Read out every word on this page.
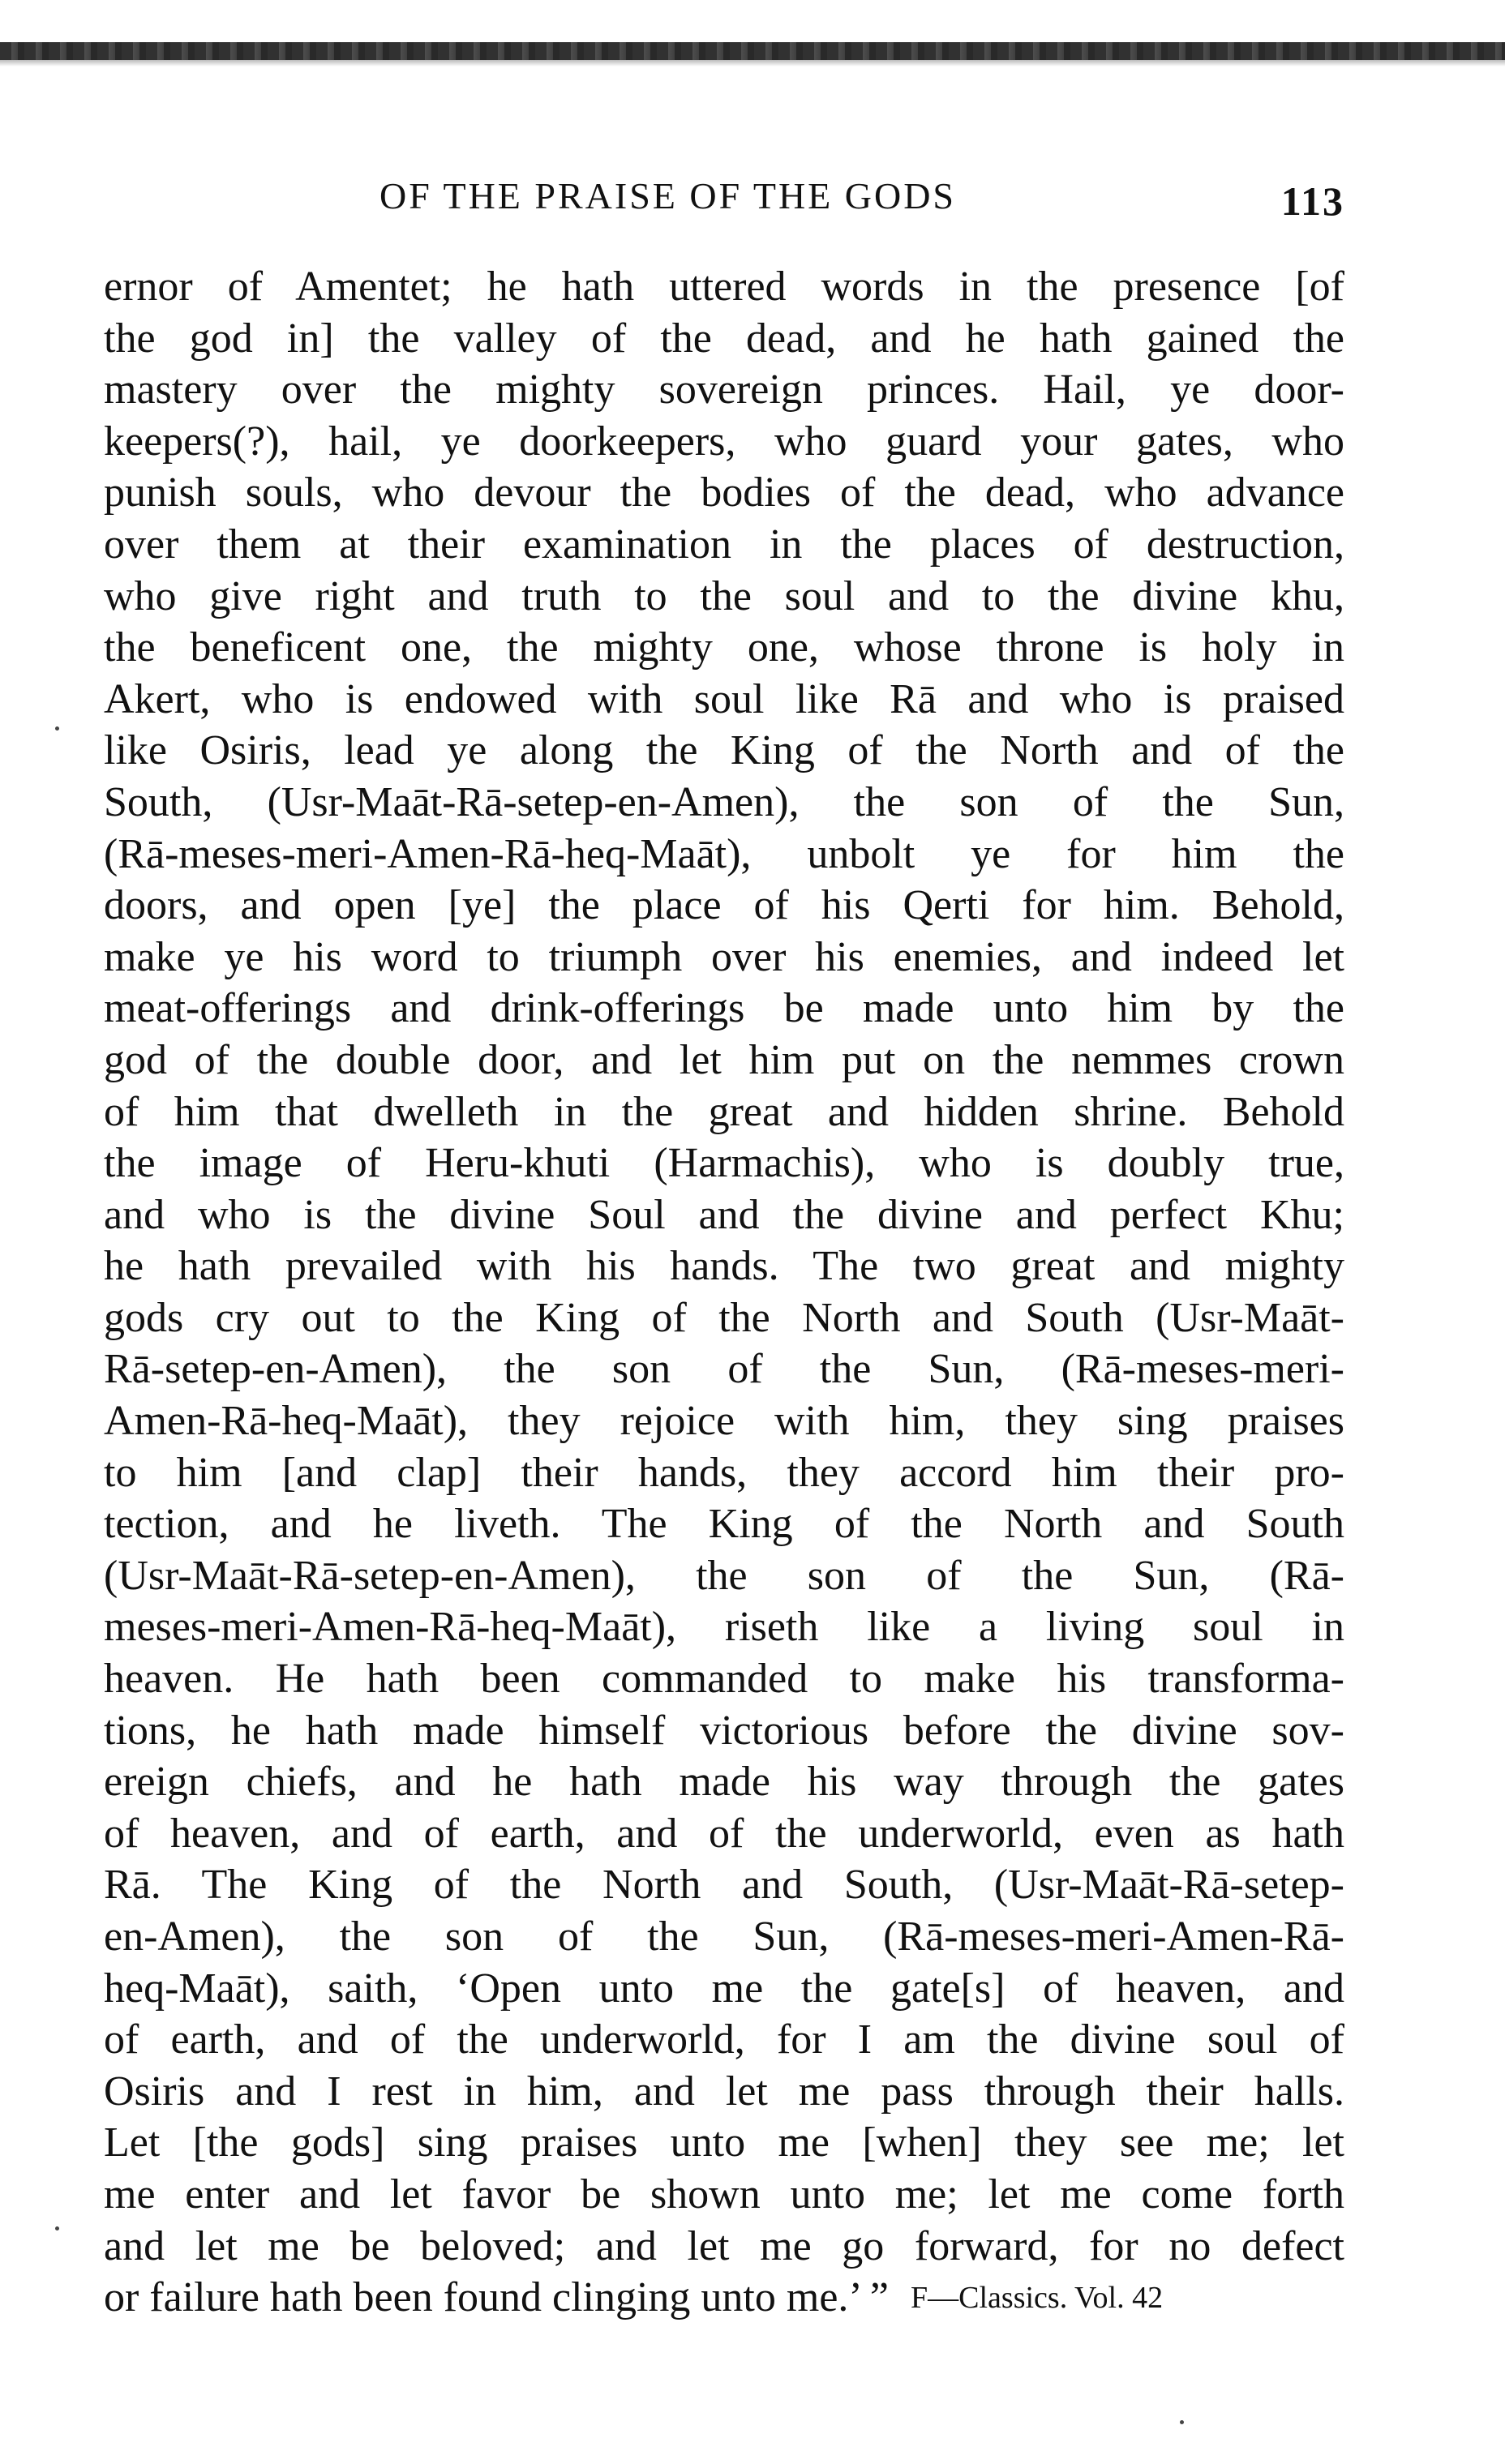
OF THE PRAISE OF THE GODS	113
ernor of Amentet; he hath uttered words in the presence [of
the god in] the valley of the dead, and he hath gained the
mastery over the mighty sovereign princes. Hail, ye door-
keepers(?), hail, ye doorkeepers, who guard your gates, who
punish souls, who devour the bodies of the dead, who advance
over them at their examination in the places of destruction,
who give right and truth to the soul and to the divine khu,
the beneficent one, the mighty one, whose throne is holy in
Akert, who is endowed with soul like Rā and who is praised
like Osiris, lead ye along the King of the North and of the
South, (Usr-Maāt-Rā-setep-en-Amen), the son of the Sun,
(Rā-meses-meri-Amen-Rā-heq-Maāt), unbolt ye for him the
doors, and open [ye] the place of his Qerti for him. Behold,
make ye his word to triumph over his enemies, and indeed let
meat-offerings and drink-offerings be made unto him by the
god of the double door, and let him put on the nemmes crown
of him that dwelleth in the great and hidden shrine. Behold
the image of Heru-khuti (Harmachis), who is doubly true,
and who is the divine Soul and the divine and perfect Khu;
he hath prevailed with his hands. The two great and mighty
gods cry out to the King of the North and South (Usr-Maāt-
Rā-setep-en-Amen), the son of the Sun, (Rā-meses-meri-
Amen-Rā-heq-Maāt), they rejoice with him, they sing praises
to him [and clap] their hands, they accord him their pro-
tection, and he liveth. The King of the North and South
(Usr-Maāt-Rā-setep-en-Amen), the son of the Sun, (Rā-
meses-meri-Amen-Rā-heq-Maāt), riseth like a living soul in
heaven. He hath been commanded to make his transforma-
tions, he hath made himself victorious before the divine sov-
ereign chiefs, and he hath made his way through the gates
of heaven, and of earth, and of the underworld, even as hath
Rā. The King of the North and South, (Usr-Maāt-Rā-setep-
en-Amen), the son of the Sun, (Rā-meses-meri-Amen-Rā-
heq-Maāt), saith, ‘Open unto me the gate[s] of heaven, and
of earth, and of the underworld, for I am the divine soul of
Osiris and I rest in him, and let me pass through their halls.
Let [the gods] sing praises unto me [when] they see me; let
me enter and let favor be shown unto me; let me come forth
and let me be beloved; and let me go forward, for no defect
or failure hath been found clinging unto me.’ ” F—Classics. Vol. 42
